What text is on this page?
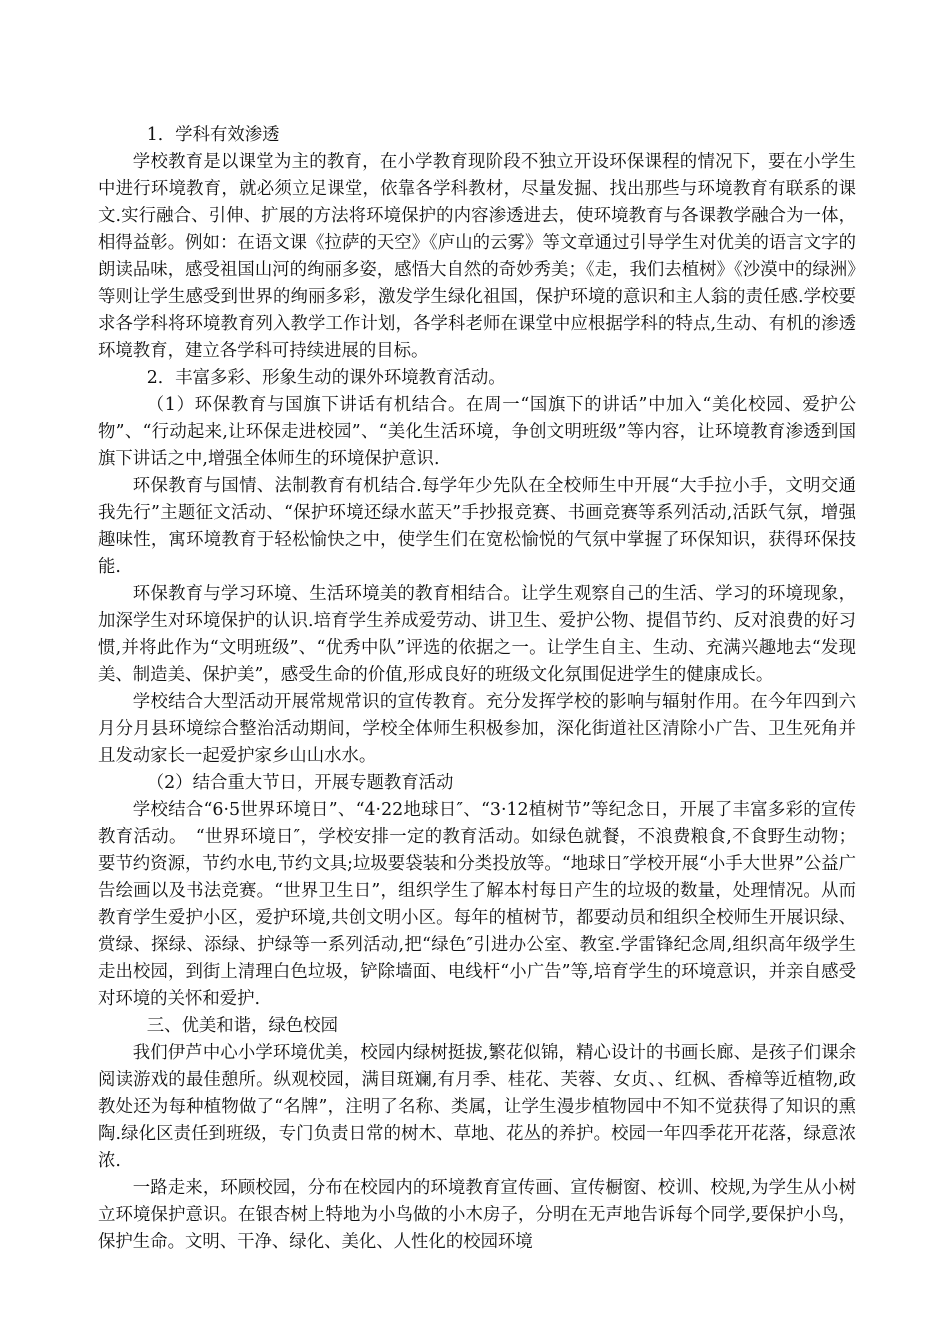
1．学科有效渗透

学校教育是以课堂为主的教育，在小学教育现阶段不独立开设环保课程的情况下，要在小学生中进行环境教育，就必须立足课堂，依靠各学科教材，尽量发掘、找出那些与环境教育有联系的课文.实行融合、引伸、扩展的方法将环境保护的内容渗透进去，使环境教育与各课教学融合为一体，相得益彰。例如：在语文课《拉萨的天空》《庐山的云雾》等文章通过引导学生对优美的语言文字的朗读品味，感受祖国山河的绚丽多姿，感悟大自然的奇妙秀美；《走，我们去植树》《沙漠中的绿洲》等则让学生感受到世界的绚丽多彩，激发学生绿化祖国，保护环境的意识和主人翁的责任感.学校要求各学科将环境教育列入教学工作计划，各学科老师在课堂中应根据学科的特点,生动、有机的渗透环境教育，建立各学科可持续进展的目标。

2．丰富多彩、形象生动的课外环境教育活动。

（1）环保教育与国旗下讲话有机结合。在周一“国旗下的讲话”中加入“美化校园、爱护公物”、“行动起来,让环保走进校园”、“美化生活环境，争创文明班级”等内容，让环境教育渗透到国旗下讲话之中,增强全体师生的环境保护意识.

环保教育与国情、法制教育有机结合.每学年少先队在全校师生中开展“大手拉小手，文明交通我先行”主题征文活动、“保护环境还绿水蓝天”手抄报竞赛、书画竞赛等系列活动,活跃气氛，增强趣味性，寓环境教育于轻松愉快之中，使学生们在宽松愉悦的气氛中掌握了环保知识，获得环保技能.

环保教育与学习环境、生活环境美的教育相结合。让学生观察自己的生活、学习的环境现象，加深学生对环境保护的认识.培育学生养成爱劳动、讲卫生、爱护公物、提倡节约、反对浪费的好习惯,并将此作为“文明班级”、“优秀中队”评选的依据之一。让学生自主、生动、充满兴趣地去“发现美、制造美、保护美”，感受生命的价值,形成良好的班级文化氛围促进学生的健康成长。

学校结合大型活动开展常规常识的宣传教育。充分发挥学校的影响与辐射作用。在今年四到六月分月县环境综合整治活动期间，学校全体师生积极参加，深化街道社区清除小广告、卫生死角并且发动家长一起爱护家乡山山水水。

（2）结合重大节日，开展专题教育活动

学校结合“6·5世界环境日”、“4·22地球日″、“3·12植树节”等纪念日，开展了丰富多彩的宣传教育活动。　“世界环境日″，学校安排一定的教育活动。如绿色就餐，不浪费粮食,不食野生动物；要节约资源，节约水电,节约文具;垃圾要袋装和分类投放等。“地球日″学校开展“小手大世界”公益广告绘画以及书法竞赛。“世界卫生日”，组织学生了解本村每日产生的垃圾的数量，处理情况。从而教育学生爱护小区，爱护环境,共创文明小区。每年的植树节，都要动员和组织全校师生开展识绿、赏绿、探绿、添绿、护绿等一系列活动,把“绿色″引进办公室、教室.学雷锋纪念周,组织高年级学生走出校园，到街上清理白色垃圾，铲除墙面、电线杆“小广告”等,培育学生的环境意识，并亲自感受对环境的关怀和爱护.

三、优美和谐，绿色校园

我们伊芦中心小学环境优美，校园内绿树挺拔,繁花似锦，精心设计的书画长廊、是孩子们课余阅读游戏的最佳憩所。纵观校园，满目斑斓,有月季、桂花、芙蓉、女贞、、红枫、香樟等近植物,政教处还为每种植物做了“名牌”，注明了名称、类属，让学生漫步植物园中不知不觉获得了知识的熏陶.绿化区责任到班级，专门负责日常的树木、草地、花丛的养护。校园一年四季花开花落，绿意浓浓.

一路走来，环顾校园，分布在校园内的环境教育宣传画、宣传橱窗、校训、校规,为学生从小树立环境保护意识。在银杏树上特地为小鸟做的小木房子，分明在无声地告诉每个同学,要保护小鸟，保护生命。文明、干净、绿化、美化、人性化的校园环境
